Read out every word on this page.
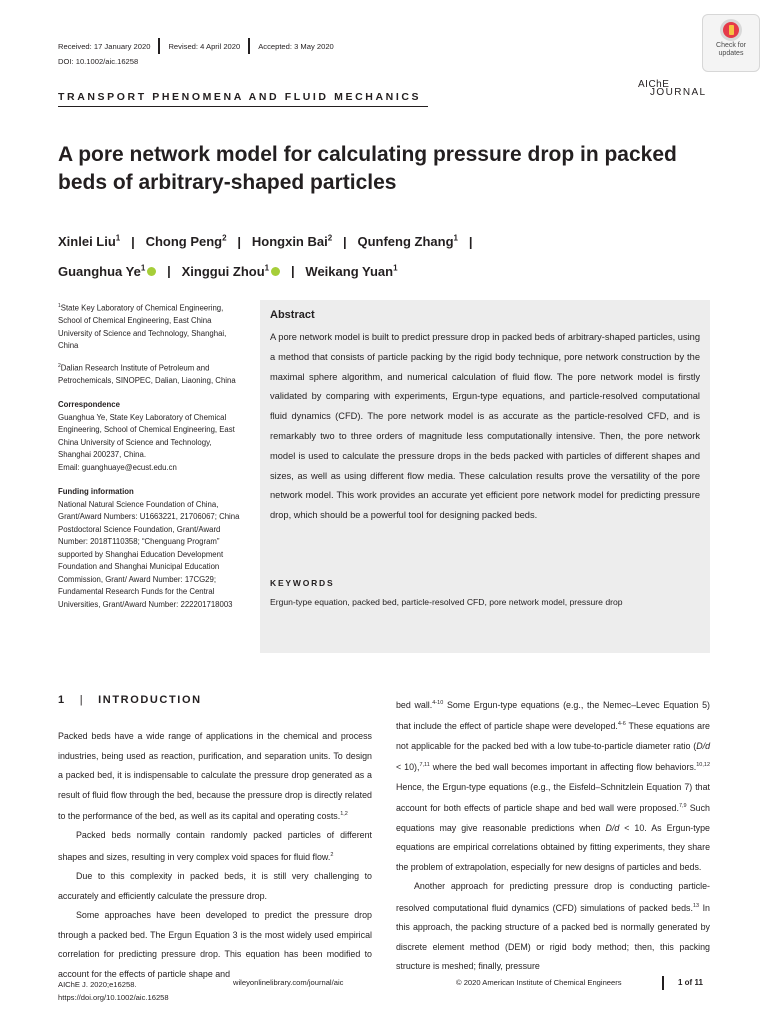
Received: 17 January 2020 Revised: 4 April 2020 Accepted: 3 May 2020
DOI: 10.1002/aic.16258
Check for updates
AIChE
JOURNAL
TRANSPORT PHENOMENA AND FLUID MECHANICS
A pore network model for calculating pressure drop in packed beds of arbitrary-shaped particles
Xinlei Liu$^1$   |   Chong Peng$^2$   |   Hongxin Bai$^2$   |   Qunfeng Zhang$^1$   |
Guanghua Ye$^1$   |   Xinggui Zhou$^1$   |   Weikang Yuan$^1$

$^1$State Key Laboratory of Chemical Engineering, School of Chemical Engineering, East China University of Science and Technology, Shanghai, China

$^2$Dalian Research Institute of Petroleum and Petrochemicals, SINOPEC, Dalian, Liaoning, China

Correspondence
Guanghua Ye, State Key Laboratory of Chemical Engineering, School of Chemical Engineering, East China University of Science and Technology, Shanghai 200237, China.
Email: guanghuaye@ecust.edu.cn

Funding information
National Natural Science Foundation of China, Grant/Award Numbers: U1663221, 21706067; China Postdoctoral Science Foundation, Grant/Award Number: 2018T110358; “Chenguang Program” supported by Shanghai Education Development Foundation and Shanghai Municipal Education Commission, Grant/ Award Number: 17CG29; Fundamental Research Funds for the Central Universities, Grant/Award Number: 222201718003

Abstract
A pore network model is built to predict pressure drop in packed beds of arbitrary-shaped particles, using a method that consists of particle packing by the rigid body technique, pore network construction by the maximal sphere algorithm, and numerical calculation of fluid flow. The pore network model is firstly validated by comparing with experiments, Ergun-type equations, and particle-resolved computational fluid dynamics (CFD). The pore network model is as accurate as the particle-resolved CFD, and is remarkably two to three orders of magnitude less computationally intensive. Then, the pore network model is used to calculate the pressure drops in the beds packed with particles of different shapes and sizes, as well as using different flow media. These calculation results prove the versatility of the pore network model. This work provides an accurate yet efficient pore network model for predicting pressure drop, which should be a powerful tool for designing packed beds.
KEYWORDS
Ergun-type equation, packed bed, particle-resolved CFD, pore network model, pressure drop
1 | INTRODUCTION

Packed beds have a wide range of applications in the chemical and process industries, being used as reaction, purification, and separation units. To design a packed bed, it is indispensable to calculate the pressure drop generated as a result of fluid flow through the bed, because the pressure drop is directly related to the performance of the bed, as well as its capital and operating costs.$^{1,2}$

Packed beds normally contain randomly packed particles of different shapes and sizes, resulting in very complex void spaces for fluid flow.$^2$

Due to this complexity in packed beds, it is still very challenging to accurately and efficiently calculate the pressure drop.

Some approaches have been developed to predict the pressure drop through a packed bed. The Ergun Equation 3 is the most widely used empirical correlation for predicting pressure drop. This equation has been modified to account for the effects of particle shape and

bed wall.$^{4-10}$ Some Ergun-type equations (e.g., the Nemec–Levec Equation 5) that include the effect of particle shape were developed.$^{4-6}$ These equations are not applicable for the packed bed with a low tube-to-particle diameter ratio (D/d < 10),$^{7,11}$ where the bed wall becomes important in affecting flow behaviors.$^{10,12}$ Hence, the Ergun-type equations (e.g., the Eisfeld–Schnitzlein Equation 7) that account for both effects of particle shape and bed wall were proposed.$^{7,9}$ Such equations may give reasonable predictions when D/d < 10. As Ergun-type equations are empirical correlations obtained by fitting experiments, they share the problem of extrapolation, especially for new designs of particles and beds.

Another approach for predicting pressure drop is conducting particle-resolved computational fluid dynamics (CFD) simulations of packed beds.$^{13}$ In this approach, the packing structure of a packed bed is normally generated by discrete element method (DEM) or rigid body method; then, this packing structure is meshed; finally, pressure

AIChE J. 2020;e16258.
https://doi.org/10.1002/aic.16258
wileyonlinelibrary.com/journal/aic	© 2020 American Institute of Chemical Engineers	1 of 11
